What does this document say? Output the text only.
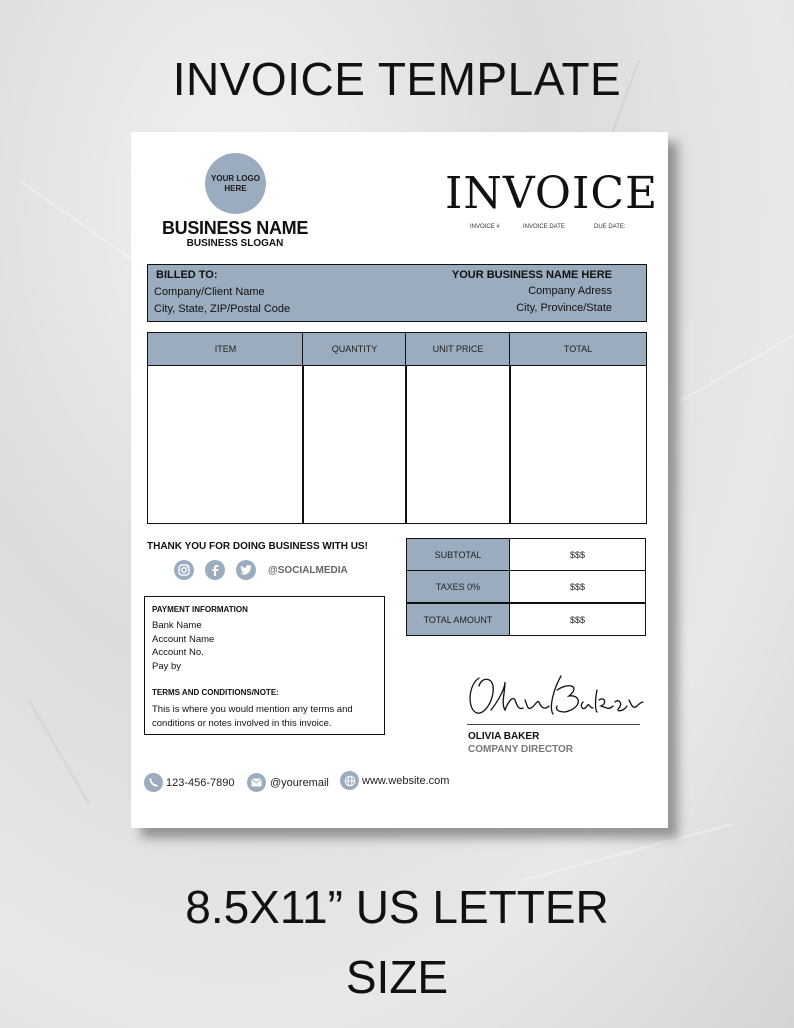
INVOICE TEMPLATE
YOUR LOGO HERE
BUSINESS NAME
BUSINESS SLOGAN
INVOICE
INVOICE #	INVOICE DATE	DUE DATE:
BILLED TO:
Company/Client Name
City, State, ZIP/Postal Code
YOUR BUSINESS NAME HERE
Company Adress
City, Province/State
ITEM	QUANTITY	UNIT PRICE	TOTAL
THANK YOU FOR DOING BUSINESS WITH US!
@SOCIALMEDIA
SUBTOTAL	$$$
TAXES 0%	$$$
TOTAL AMOUNT	$$$
PAYMENT INFORMATION
Bank Name
Account Name
Account No.
Pay by
TERMS AND CONDITIONS/NOTE:
This is where you would mention any terms and
conditions or notes involved in this invoice.
OLIVIA BAKER
COMPANY DIRECTOR
123-456-7890	@youremail	www.website.com
8.5X11” US LETTER
SIZE
